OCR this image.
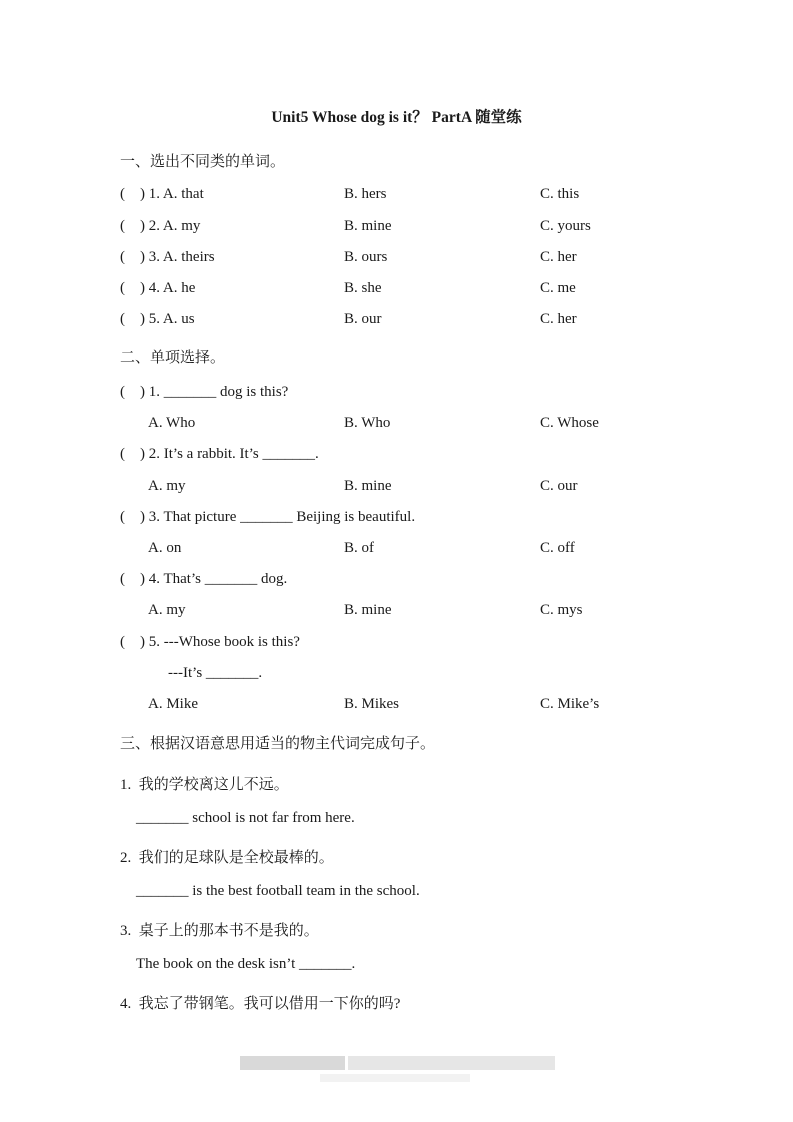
Unit5 Whose dog is it？ PartA 随堂练
一、选出不同类的单词。
(    ) 1. A. that	B. hers	C. this
(    ) 2. A. my	B. mine	C. yours
(    ) 3. A. theirs	B. ours	C. her
(    ) 4. A. he	B. she	C. me
(    ) 5. A. us	B. our	C. her
二、单项选择。
(    ) 1. _______ dog is this?
A. Who	B. Who	C. Whose
(    ) 2. It’s a rabbit. It’s _______.
A. my	B. mine	C. our
(    ) 3. That picture _______ Beijing is beautiful.
A. on	B. of	C. off
(    ) 4. That’s _______ dog.
A. my	B. mine	C. mys
(    ) 5. ---Whose book is this?
---It’s _______.
A. Mike	B. Mikes	C. Mike’s
三、根据汉语意思用适当的物主代词完成句子。
1.  我的学校离这儿不远。
_______ school is not far from here.
2.  我们的足球队是全校最棒的。
_______ is the best football team in the school.
3.  桌子上的那本书不是我的。
The book on the desk isn’t _______.
4.  我忘了带钢笔。我可以借用一下你的吗?
